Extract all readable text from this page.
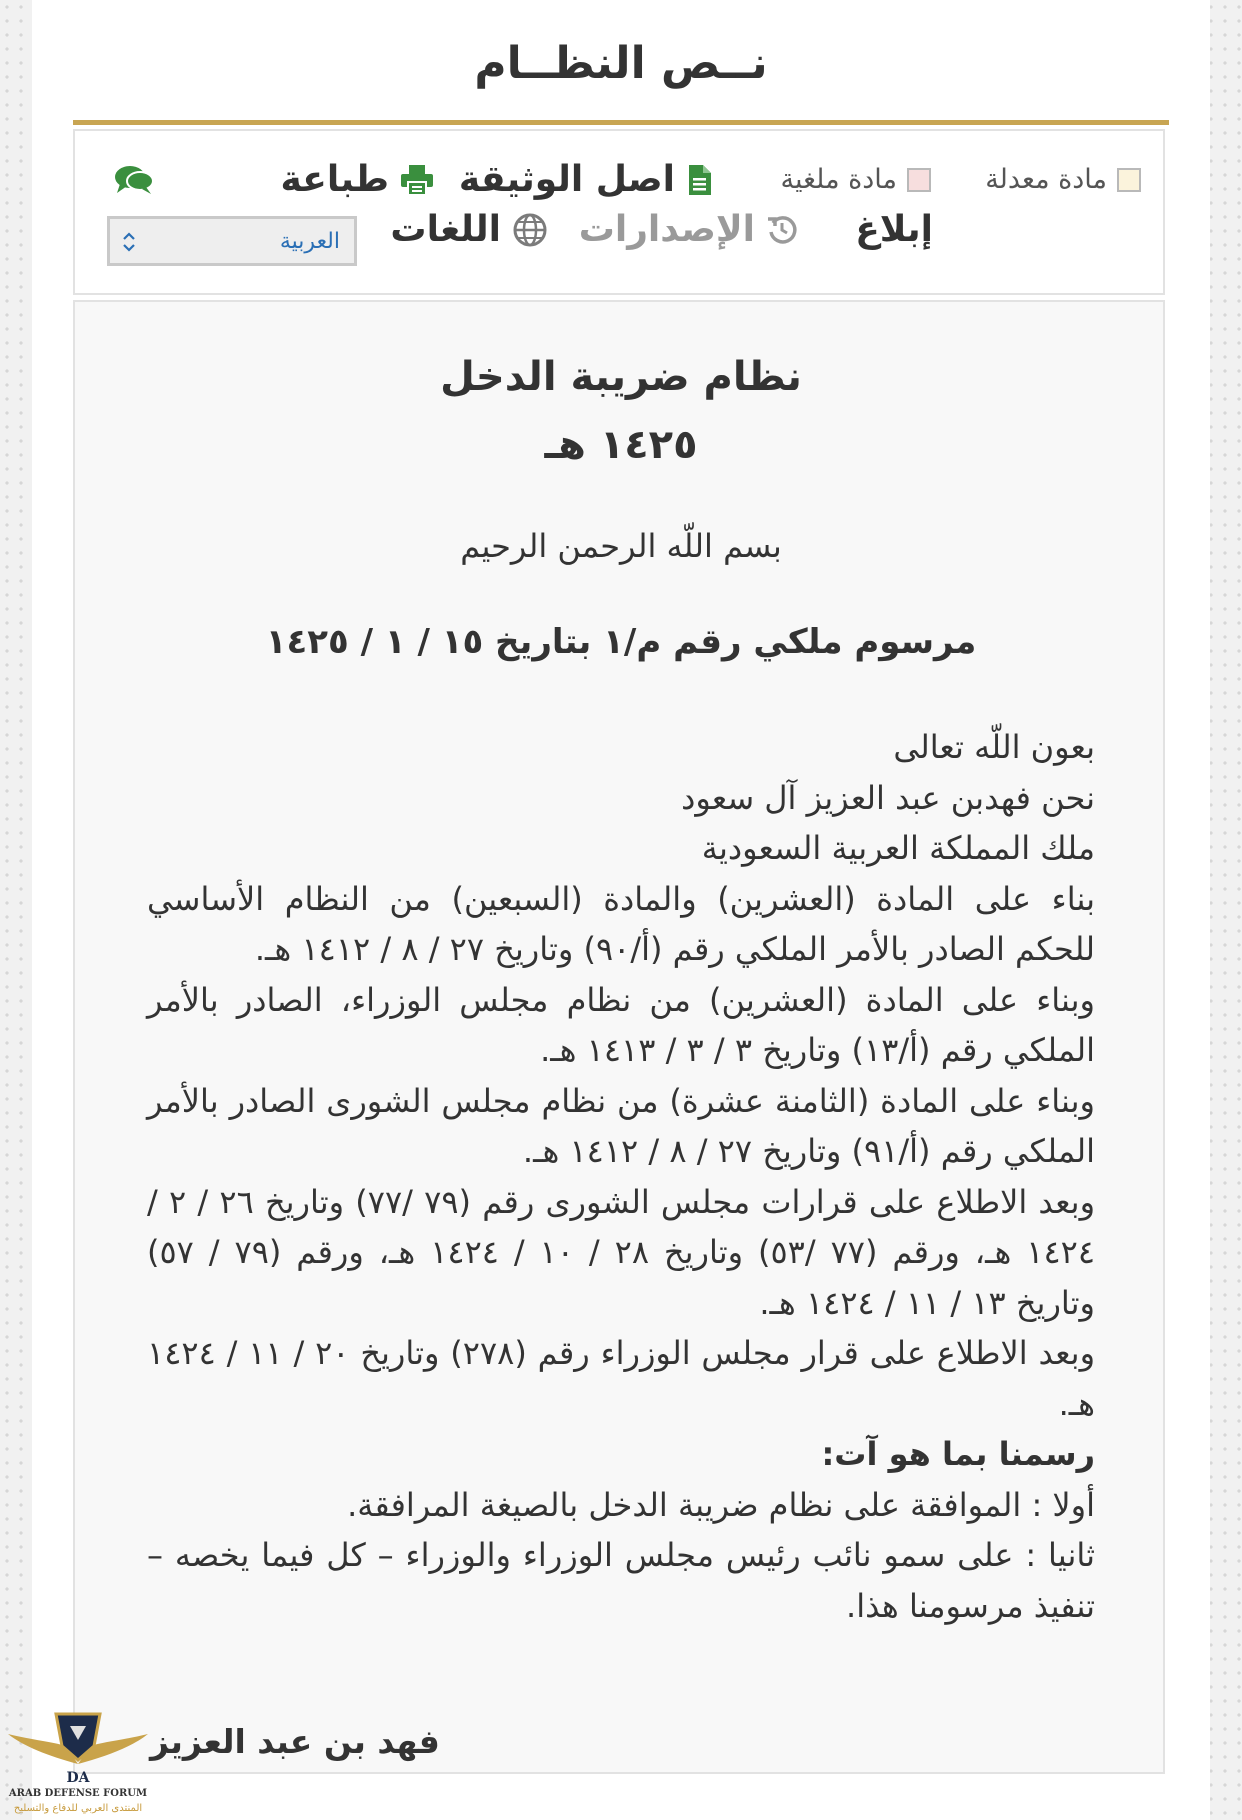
نــص النظــام
مادة معدلة
مادة ملغية
اصل الوثيقة
طباعة
إبلاغ
الإصدارات
اللغات
العربية
نظام ضريبة الدخل
١٤٢٥ هـ
بسم اللّه الرحمن الرحيم
مرسوم ملكي رقم م/١ بتاريخ ١٥ / ١ / ١٤٢٥

بعون اللّه تعالى

نحن فهدبن عبد العزيز آل سعود

ملك المملكة العربية السعودية

بناء على المادة (العشرين) والمادة (السبعين) من النظام الأساسي للحكم الصادر بالأمر الملكي رقم (أ/٩٠) وتاريخ ٢٧ / ٨ / ١٤١٢ هـ.

وبناء على المادة (العشرين) من نظام مجلس الوزراء، الصادر بالأمر الملكي رقم (أ/١٣) وتاريخ ٣ / ٣ / ١٤١٣ هـ.

وبناء على المادة (الثامنة عشرة) من نظام مجلس الشورى الصادر بالأمر الملكي رقم (أ/٩١) وتاريخ ٢٧ / ٨ / ١٤١٢ هـ.

وبعد الاطلاع على قرارات مجلس الشورى رقم (٧٩ /٧٧) وتاريخ ٢٦ / ٢ / ١٤٢٤ هـ، ورقم (٧٧ /٥٣) وتاريخ ٢٨ / ١٠ / ١٤٢٤ هـ، ورقم (٧٩ / ٥٧) وتاريخ ١٣ / ١١ / ١٤٢٤ هـ.

وبعد الاطلاع على قرار مجلس الوزراء رقم (٢٧٨) وتاريخ ٢٠ / ١١ / ١٤٢٤ هـ.

رسمنا بما هو آت:

أولا : الموافقة على نظام ضريبة الدخل بالصيغة المرافقة.

ثانيا : على سمو نائب رئيس مجلس الوزراء والوزراء – كل فيما يخصه – تنفيذ مرسومنا هذا.

فهد بن عبد العزيز
DA
ARAB DEFENSE FORUM
المنتدى العربي للدفاع والتسليح
